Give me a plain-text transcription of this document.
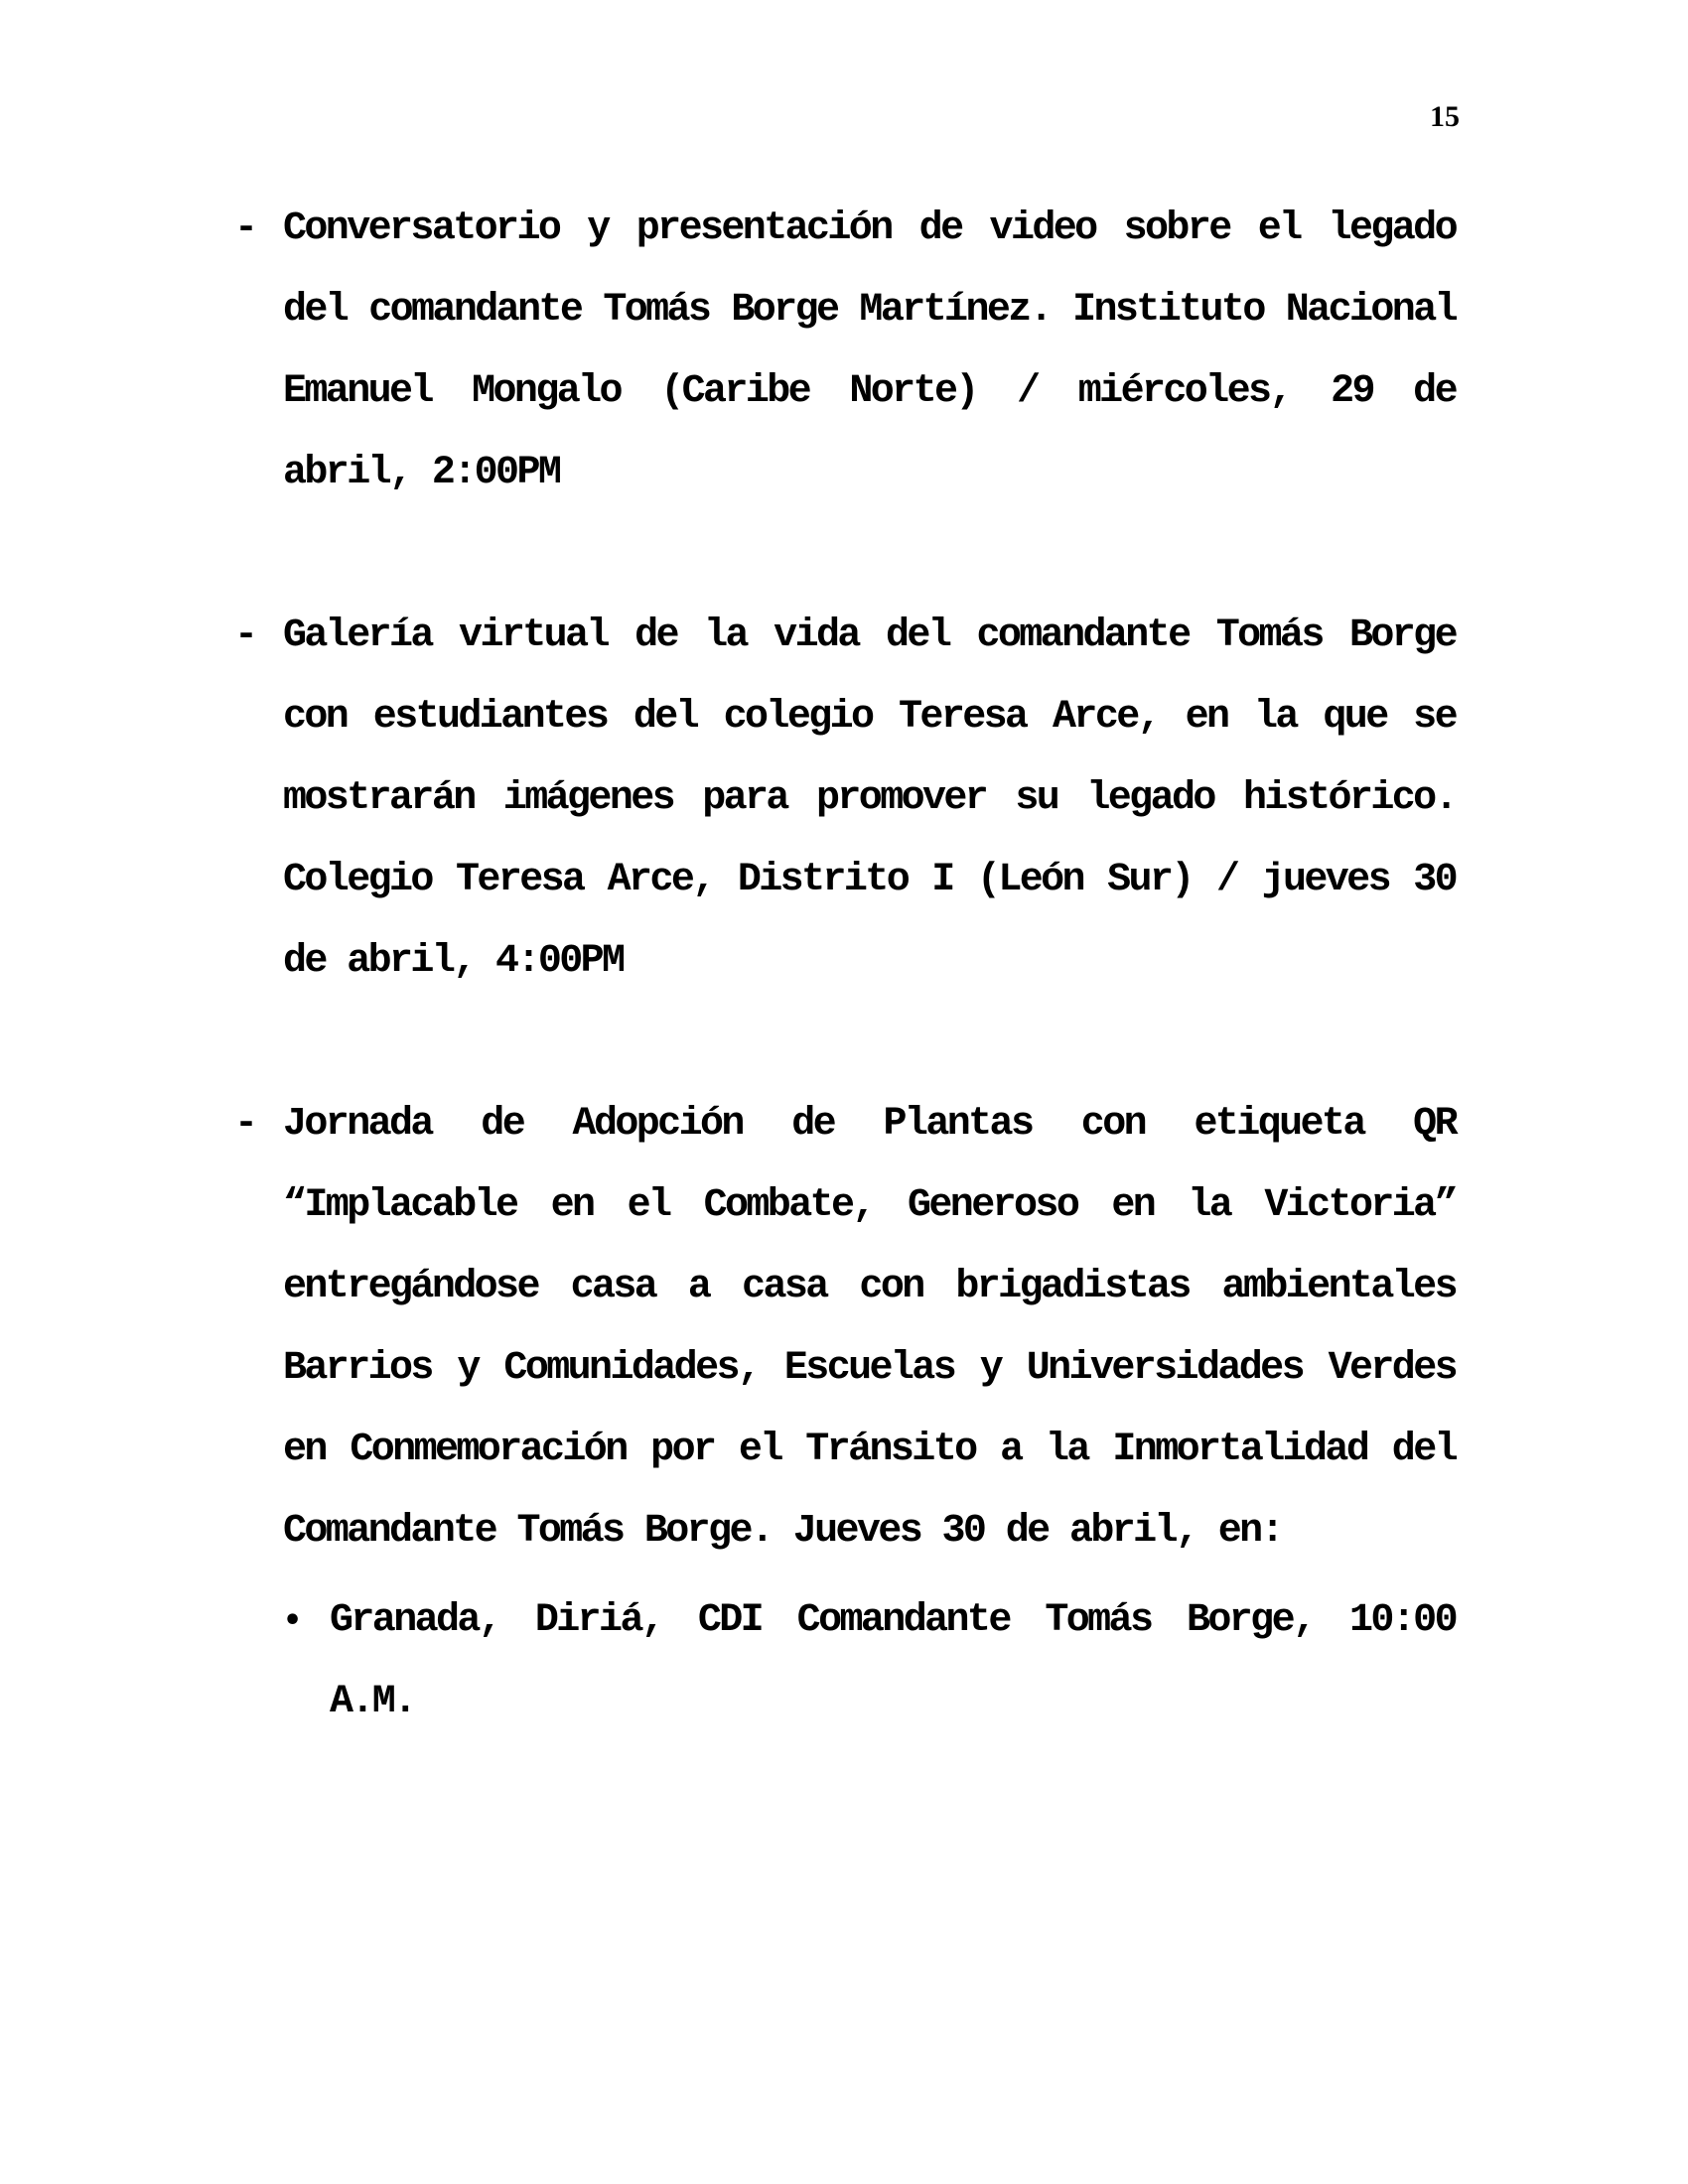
15
- Conversatorio y presentación de video sobre el legado del comandante Tomás Borge Martínez. Instituto Nacional Emanuel Mongalo (Caribe Norte) / miércoles, 29 de abril, 2:00PM
- Galería virtual de la vida del comandante Tomás Borge con estudiantes del colegio Teresa Arce, en la que se mostrarán imágenes para promover su legado histórico. Colegio Teresa Arce, Distrito I (León Sur) / jueves 30 de abril, 4:00PM
- Jornada de Adopción de Plantas con etiqueta QR “Implacable en el Combate, Generoso en la Victoria” entregándose casa a casa con brigadistas ambientales Barrios y Comunidades, Escuelas y Universidades Verdes en Conmemoración por el Tránsito a la Inmortalidad del Comandante Tomás Borge. Jueves 30 de abril, en:
• Granada, Diriá, CDI Comandante Tomás Borge, 10:00 A.M.
